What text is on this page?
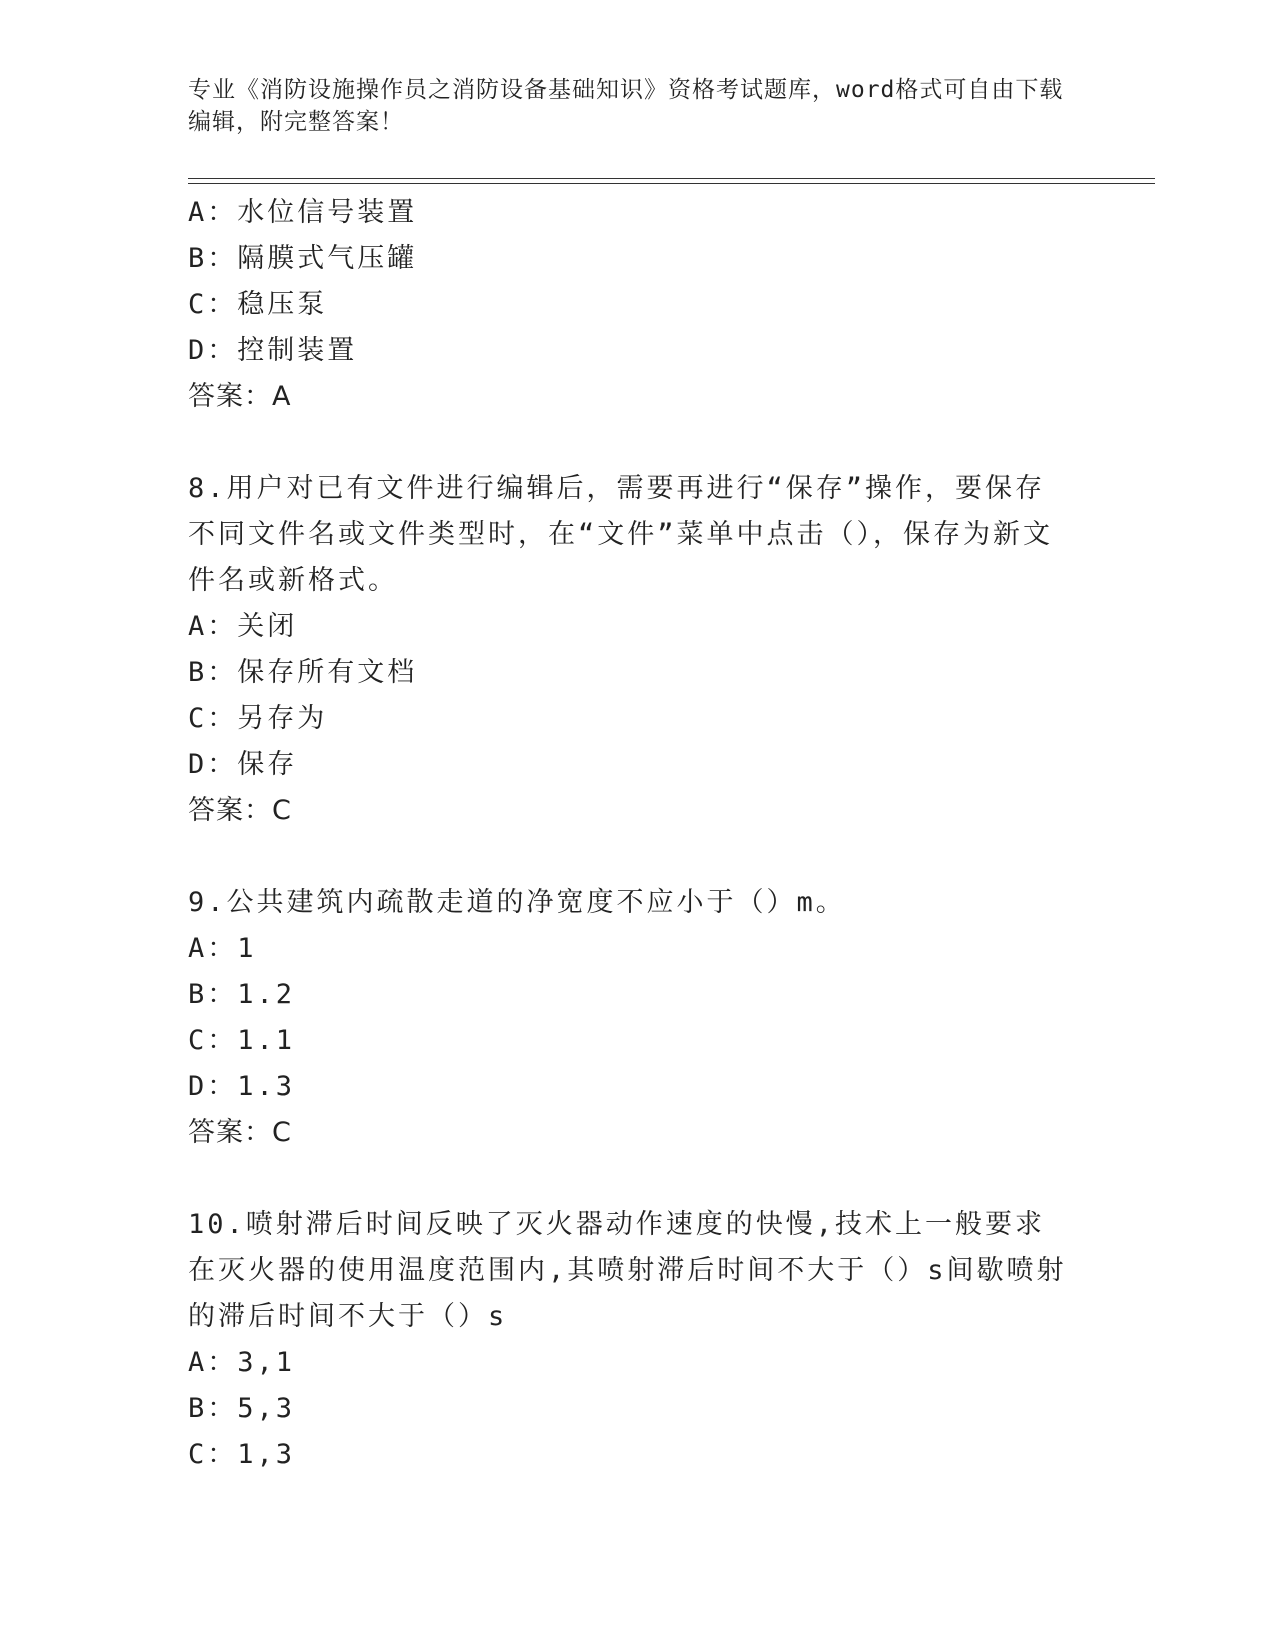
专业《消防设施操作员之消防设备基础知识》资格考试题库，word格式可自由下载编辑，附完整答案！
A：水位信号装置
B：隔膜式气压罐
C：稳压泵
D：控制装置
答案：A
8.用户对已有文件进行编辑后，需要再进行“保存”操作，要保存不同文件名或文件类型时，在“文件”菜单中点击（），保存为新文件名或新格式。
A：关闭
B：保存所有文档
C：另存为
D：保存
答案：C
9.公共建筑内疏散走道的净宽度不应小于（）m。
A：1
B：1.2
C：1.1
D：1.3
答案：C
10.喷射滞后时间反映了灭火器动作速度的快慢,技术上一般要求在灭火器的使用温度范围内,其喷射滞后时间不大于（）s间歇喷射的滞后时间不大于（）s
A：3,1
B：5,3
C：1,3
